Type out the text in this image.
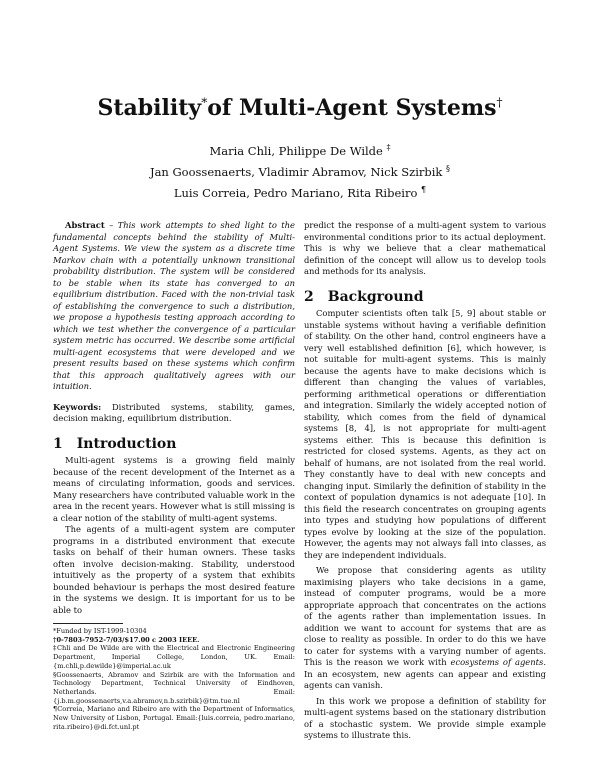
Stability*of Multi-Agent Systems†
Maria Chli, Philippe De Wilde ‡
Jan Goossenaerts, Vladimir Abramov, Nick Szirbik §
Luis Correia, Pedro Mariano, Rita Ribeiro ¶

Abstract – This work attempts to shed light to the fundamental concepts behind the stability of Multi-Agent Systems. We view the system as a discrete time Markov chain with a potentially unknown transitional probability distribution. The system will be considered to be stable when its state has converged to an equilibrium distribution. Faced with the non-trivial task of establishing the convergence to such a distribution, we propose a hypothesis testing approach according to which we test whether the convergence of a particular system metric has occurred. We describe some artificial multi-agent ecosystems that were developed and we present results based on these systems which confirm that this approach qualitatively agrees with our intuition.

Keywords: Distributed systems, stability, games, decision making, equilibrium distribution.

1 Introduction

Multi-agent systems is a growing field mainly because of the recent development of the Internet as a means of circulating information, goods and services. Many researchers have contributed valuable work in the area in the recent years. However what is still missing is a clear notion of the stability of multi-agent systems.

The agents of a multi-agent system are computer programs in a distributed environment that execute tasks on behalf of their human owners. These tasks often involve decision-making. Stability, understood intuitively as the property of a system that exhibits bounded behaviour is perhaps the most desired feature in the systems we design. It is important for us to be able to

*Funded by IST-1999-10304

†0-7803-7952-7/03/$17.00 c 2003 IEEE.

‡Chli and De Wilde are with the Electrical and Electronic Engineering Department, Imperial College, London, UK. Email: {m.chli,p.dewilde}@imperial.ac.uk

§Goossenaerts, Abramov and Szirbik are with the Information and Technology Department, Technical University of Eindhoven, Netherlands. Email: {j.b.m.goossenaerts,v.a.abramov,n.b.szirbik}@tm.tue.nl

¶Correia, Mariano and Ribeiro are with the Department of Informatics, New University of Lisbon, Portugal. Email:{luis.correia, pedro.mariano, rita.ribeiro}@di.fct.unl.pt

predict the response of a multi-agent system to various environmental conditions prior to its actual deployment. This is why we believe that a clear mathematical definition of the concept will allow us to develop tools and methods for its analysis.

2 Background

Computer scientists often talk [5, 9] about stable or unstable systems without having a verifiable definition of stability. On the other hand, control engineers have a very well established definition [6], which however, is not suitable for multi-agent systems. This is mainly because the agents have to make decisions which is different than changing the values of variables, performing arithmetical operations or differentiation and integration. Similarly the widely accepted notion of stability, which comes from the field of dynamical systems [8, 4], is not appropriate for multi-agent systems either. This is because this definition is restricted for closed systems. Agents, as they act on behalf of humans, are not isolated from the real world. They constantly have to deal with new concepts and changing input. Similarly the definition of stability in the context of population dynamics is not adequate [10]. In this field the research concentrates on grouping agents into types and studying how populations of different types evolve by looking at the size of the population. However, the agents may not always fall into classes, as they are independent individuals.

We propose that considering agents as utility maximising players who take decisions in a game, instead of computer programs, would be a more appropriate approach that concentrates on the actions of the agents rather than implementation issues. In addition we want to account for systems that are as close to reality as possible. In order to do this we have to cater for systems with a varying number of agents. This is the reason we work with ecosystems of agents. In an ecosystem, new agents can appear and existing agents can vanish.

In this work we propose a definition of stability for multi-agent systems based on the stationary distribution of a stochastic system. We provide simple example systems to illustrate this.
